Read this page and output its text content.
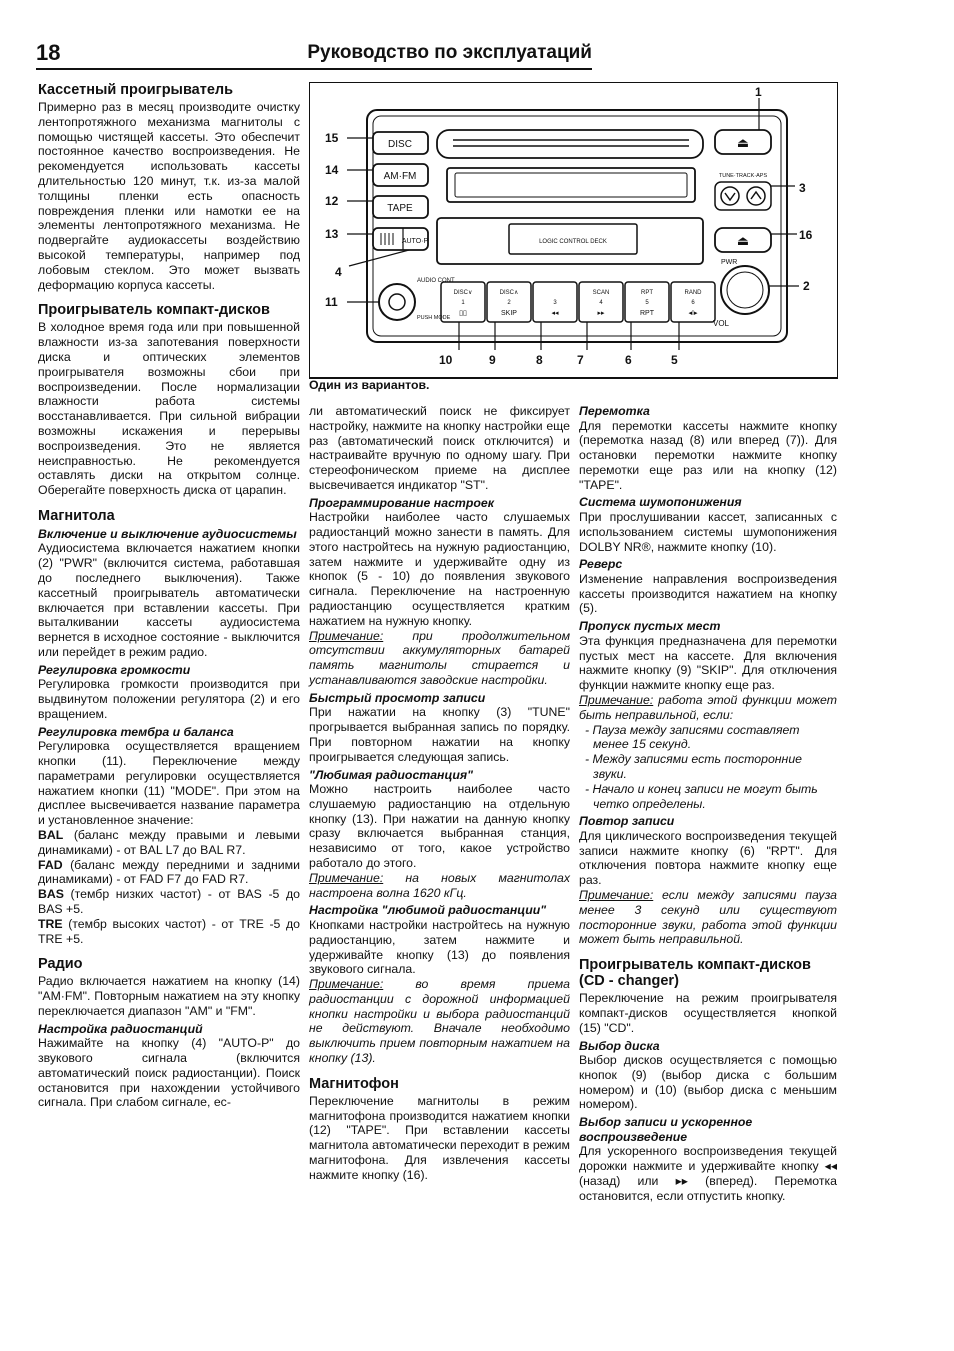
18	Руководство по эксплуатаций
DISC
AM·FM
TAPE
AUTO·P	LOGIC CONTROL DECK
⏏
TUNE·TRACK·APS
⏏
PWR
VOL
AUDIO CONT
PUSH MODE
DISC∨
1
▯▯
DISC∧
2
SKIP
3
◂◂
SCAN
4
▸▸
RPT
5
RPT
RAND
6
◂I▸
15
14
12
13
4
11
1
3
16
2
10	9	8	7	6	5
Один из вариантов.
Кассетный проигрыватель

Примерно раз в месяц производите очистку лентопротяжного механизма магнитолы с помощью чистящей кассеты. Это обеспечит постоянное качество воспроизведения. Не рекомендуется использовать кассеты длительностью 120 минут, т.к. из-за малой толщины пленки есть опасность повреждения пленки или намотки ее на элементы лентопротяжного механизма. Не подвергайте аудиокассеты воздействию высокой температуры, например под лобовым стеклом. Это может вызвать деформацию корпуса кассеты.

Проигрыватель компакт-дисков

В холодное время года или при повышенной влажности из-за запотевания поверхности диска и оптических элементов проигрывателя возможны сбои при воспроизведении. После нормализации влажности работа системы восстанавливается. При сильной вибрации возможны искажения и перерывы воспроизведения. Это не является неисправностью. Не рекомендуется оставлять диски на открытом солнце. Оберегайте поверхность диска от царапин.

Магнитола
Включение и выключение аудиосистемы

Аудиосистема включается нажатием кнопки (2) "PWR" (включится система, работавшая до последнего выключения). Также кассетный проигрыватель автоматически включается при вставлении кассеты. При выталкивании кассеты аудиосистема вернется в исходное состояние - выключится или перейдет в режим радио.

Регулировка громкости

Регулировка громкости производится при выдвинутом положении регулятора (2) и его вращением.

Регулировка тембра и баланса

Регулировка осуществляется вращением кнопки (11). Переключение между параметрами регулировки осуществляется нажатием кнопки (11) "MODE". При этом на дисплее высвечивается название параметра и установленное значение:

BAL (баланс между правыми и левыми динамиками) - от BAL L7 до BAL R7.

FAD (баланс между передними и задними динамиками) - от FAD F7 до FAD R7.

BAS (тембр низких частот) - от BAS -5 до BAS +5.

TRE (тембр высоких частот) - от TRE -5 до TRE +5.

Радио

Радио включается нажатием на кнопку (14) "AM·FM". Повторным нажатием на эту кнопку переключается диапазон "AM" и "FM".

Настройка радиостанций

Нажимайте на кнопку (4) "AUTO-P" до звукового сигнала (включится автоматический поиск радиостанции). Поиск остановится при нахождении устойчивого сигнала. При слабом сигнале, ес-

ли автоматический поиск не фиксирует настройку, нажмите на кнопку настройки еще раз (автоматический поиск отключится) и настраивайте вручную по одному шагу. При стереофоническом приеме на дисплее высвечивается индикатор "ST".

Программирование настроек

Настройки наиболее часто слушаемых радиостанций можно занести в память. Для этого настройтесь на нужную радиостанцию, затем нажмите и удерживайте одну из кнопок (5 - 10) до появления звукового сигнала. Переключение на настроенную радиостанцию осуществляется кратким нажатием на нужную кнопку.

Примечание: при продолжительном отсутствии аккумуляторных батарей память магнитолы стирается и устанавливаются заводские настройки.

Быстрый просмотр записи

При нажатии на кнопку (3) "TUNE" прогрывается выбранная запись по порядку. При повторном нажатии на кнопку проигрывается следующая запись.

"Любимая радиостанция"

Можно настроить наиболее часто слушаемую радиостанцию на отдельную кнопку (13). При нажатии на данную кнопку сразу включается выбранная станция, независимо от того, какое устройство работало до этого.

Примечание: на новых магнитолах настроена волна 1620 кГц.

Настройка "любимой радиостанции"

Кнопками настройки настройтесь на нужную радиостанцию, затем нажмите и удерживайте кнопку (13) до появления звукового сигнала.

Примечание: во время приема радиостанции с дорожной информацией кнопки настройки и выбора радиостанций не действуют. Вначале необходимо выключить прием повторным нажатием на кнопку (13).

Магнитофон

Переключение магнитолы в режим магнитофона производится нажатием кнопки (12) "TAPE". При вставлении кассеты магнитола автоматически переходит в режим магнитофона. Для извлечения кассеты нажмите кнопку (16).

Перемотка

Для перемотки кассеты нажмите кнопку (перемотка назад (8) или вперед (7)). Для остановки перемотки нажмите кнопку перемотки еще раз или на кнопку (12) "TAPE".

Система шумопонижения

При прослушивании кассет, записанных с использованием системы шумопонижения DOLBY NR®, нажмите кнопку (10).

Реверс

Изменение направления воспроизведения кассеты производится нажатием на кнопку (5).

Пропуск пустых мест

Эта функция предназначена для перемотки пустых мест на кассете. Для включения нажмите кнопку (9) "SKIP". Для отключения функции нажмите кнопку еще раз.

Примечание: работа этой функции может быть неправильной, если:

- Пауза между записями составляет менее 15 секунд.
- Между записями есть посторонние звуки.
- Начало и конец записи не могут быть четко определены.
Повтор записи

Для циклического воспроизведения текущей записи нажмите кнопку (6) "RPT". Для отключения повтора нажмите кнопку еще раз.

Примечание: если между записями пауза менее 3 секунд или существуют посторонние звуки, работа этой функции может быть неправильной.

Проигрыватель компакт-дисков (CD - changer)

Переключение на режим проигрывателя компакт-дисков осуществляется кнопкой (15) "CD".

Выбор диска

Выбор дисков осуществляется с помощью кнопок (9) (выбор диска с большим номером) и (10) (выбор диска с меньшим номером).

Выбор записи и ускоренное воспроизведение

Для ускоренного воспроизведения текущей дорожки нажмите и удерживайте кнопку ◂◂ (назад) или ▸▸ (вперед). Перемотка остановится, если отпустить кнопку.
